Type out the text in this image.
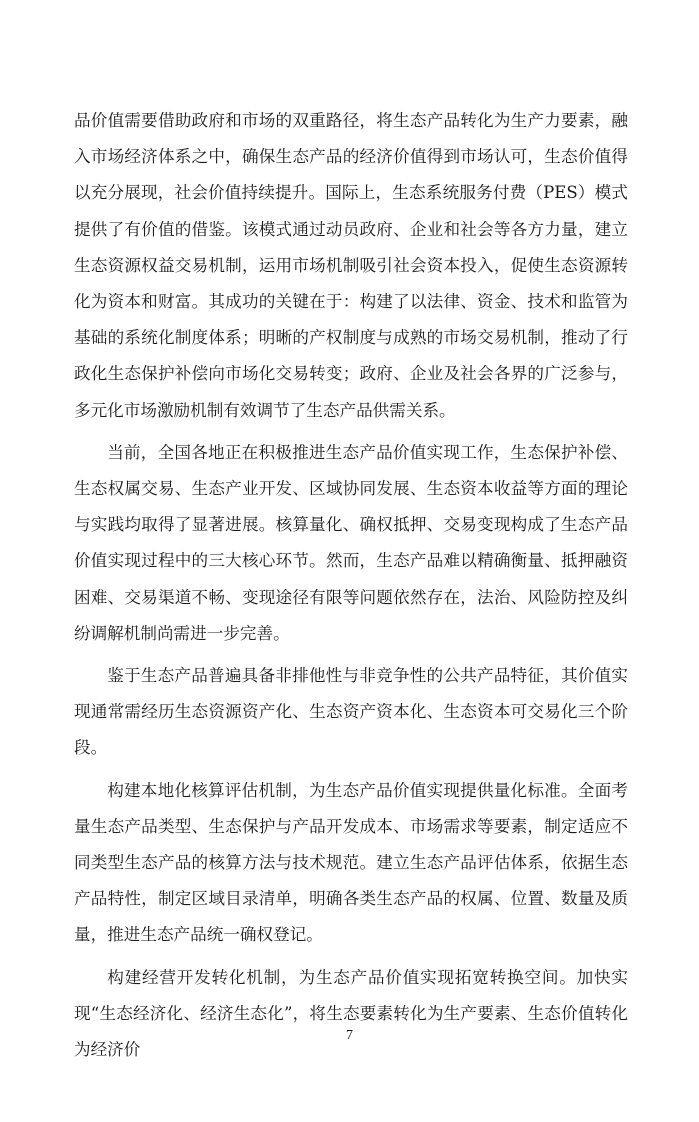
品价值需要借助政府和市场的双重路径，将生态产品转化为生产力要素，融入市场经济体系之中，确保生态产品的经济价值得到市场认可，生态价值得以充分展现，社会价值持续提升。国际上，生态系统服务付费（PES）模式提供了有价值的借鉴。该模式通过动员政府、企业和社会等各方力量，建立生态资源权益交易机制，运用市场机制吸引社会资本投入，促使生态资源转化为资本和财富。其成功的关键在于：构建了以法律、资金、技术和监管为基础的系统化制度体系；明晰的产权制度与成熟的市场交易机制，推动了行政化生态保护补偿向市场化交易转变；政府、企业及社会各界的广泛参与，多元化市场激励机制有效调节了生态产品供需关系。

当前，全国各地正在积极推进生态产品价值实现工作，生态保护补偿、生态权属交易、生态产业开发、区域协同发展、生态资本收益等方面的理论与实践均取得了显著进展。核算量化、确权抵押、交易变现构成了生态产品价值实现过程中的三大核心环节。然而，生态产品难以精确衡量、抵押融资困难、交易渠道不畅、变现途径有限等问题依然存在，法治、风险防控及纠纷调解机制尚需进一步完善。

鉴于生态产品普遍具备非排他性与非竞争性的公共产品特征，其价值实现通常需经历生态资源资产化、生态资产资本化、生态资本可交易化三个阶段。

构建本地化核算评估机制，为生态产品价值实现提供量化标准。全面考量生态产品类型、生态保护与产品开发成本、市场需求等要素，制定适应不同类型生态产品的核算方法与技术规范。建立生态产品评估体系，依据生态产品特性，制定区域目录清单，明确各类生态产品的权属、位置、数量及质量，推进生态产品统一确权登记。

构建经营开发转化机制，为生态产品价值实现拓宽转换空间。加快实现“生态经济化、经济生态化”，将生态要素转化为生产要素、生态价值转化为经济价

7
